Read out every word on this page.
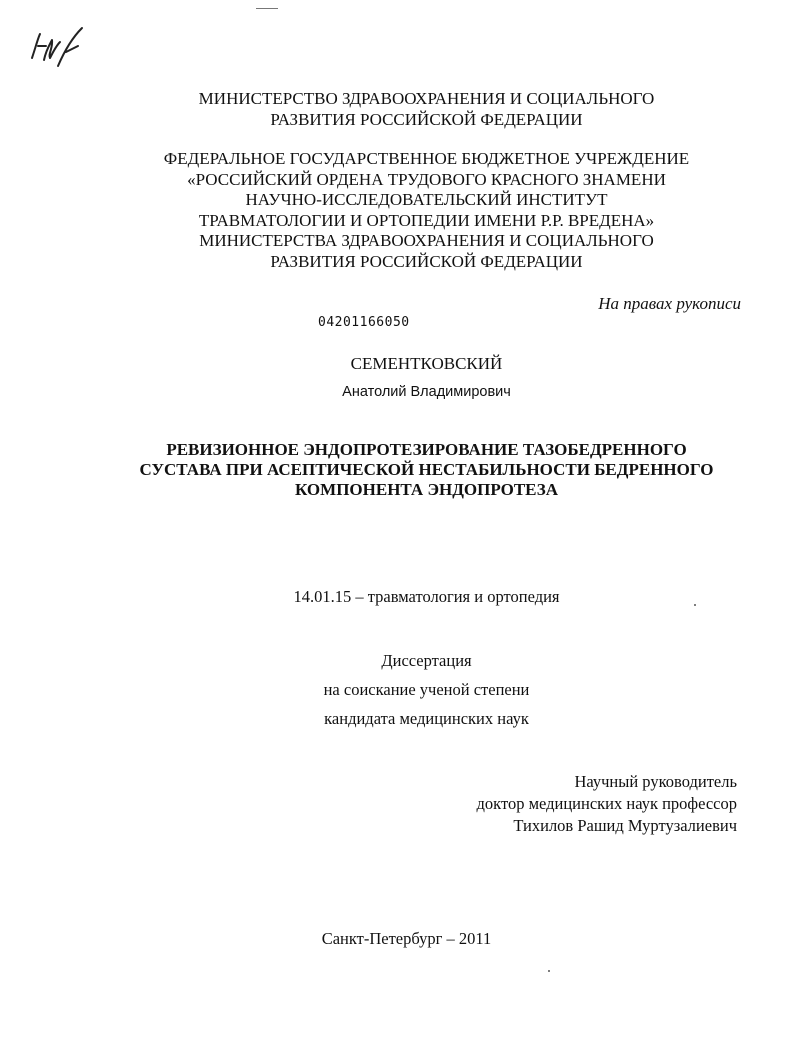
МИНИСТЕРСТВО ЗДРАВООХРАНЕНИЯ И СОЦИАЛЬНОГО
РАЗВИТИЯ РОССИЙСКОЙ ФЕДЕРАЦИИ
ФЕДЕРАЛЬНОЕ ГОСУДАРСТВЕННОЕ БЮДЖЕТНОЕ УЧРЕЖДЕНИЕ
«РОССИЙСКИЙ ОРДЕНА ТРУДОВОГО КРАСНОГО ЗНАМЕНИ
НАУЧНО-ИССЛЕДОВАТЕЛЬСКИЙ ИНСТИТУТ
ТРАВМАТОЛОГИИ И ОРТОПЕДИИ ИМЕНИ Р.Р. ВРЕДЕНА»
МИНИСТЕРСТВА ЗДРАВООХРАНЕНИЯ И СОЦИАЛЬНОГО
РАЗВИТИЯ РОССИЙСКОЙ ФЕДЕРАЦИИ
На правах рукописи
04201166050
СЕМЕНТКОВСКИЙ
Анатолий Владимирович
РЕВИЗИОННОЕ ЭНДОПРОТЕЗИРОВАНИЕ ТАЗОБЕДРЕННОГО
СУСТАВА ПРИ АСЕПТИЧЕСКОЙ НЕСТАБИЛЬНОСТИ БЕДРЕННОГО
КОМПОНЕНТА ЭНДОПРОТЕЗА
14.01.15 – травматология и ортопедия
Диссертация
на соискание ученой степени
кандидата медицинских наук
Научный руководитель
доктор медицинских наук профессор
Тихилов Рашид Муртузалиевич
Санкт-Петербург – 2011
